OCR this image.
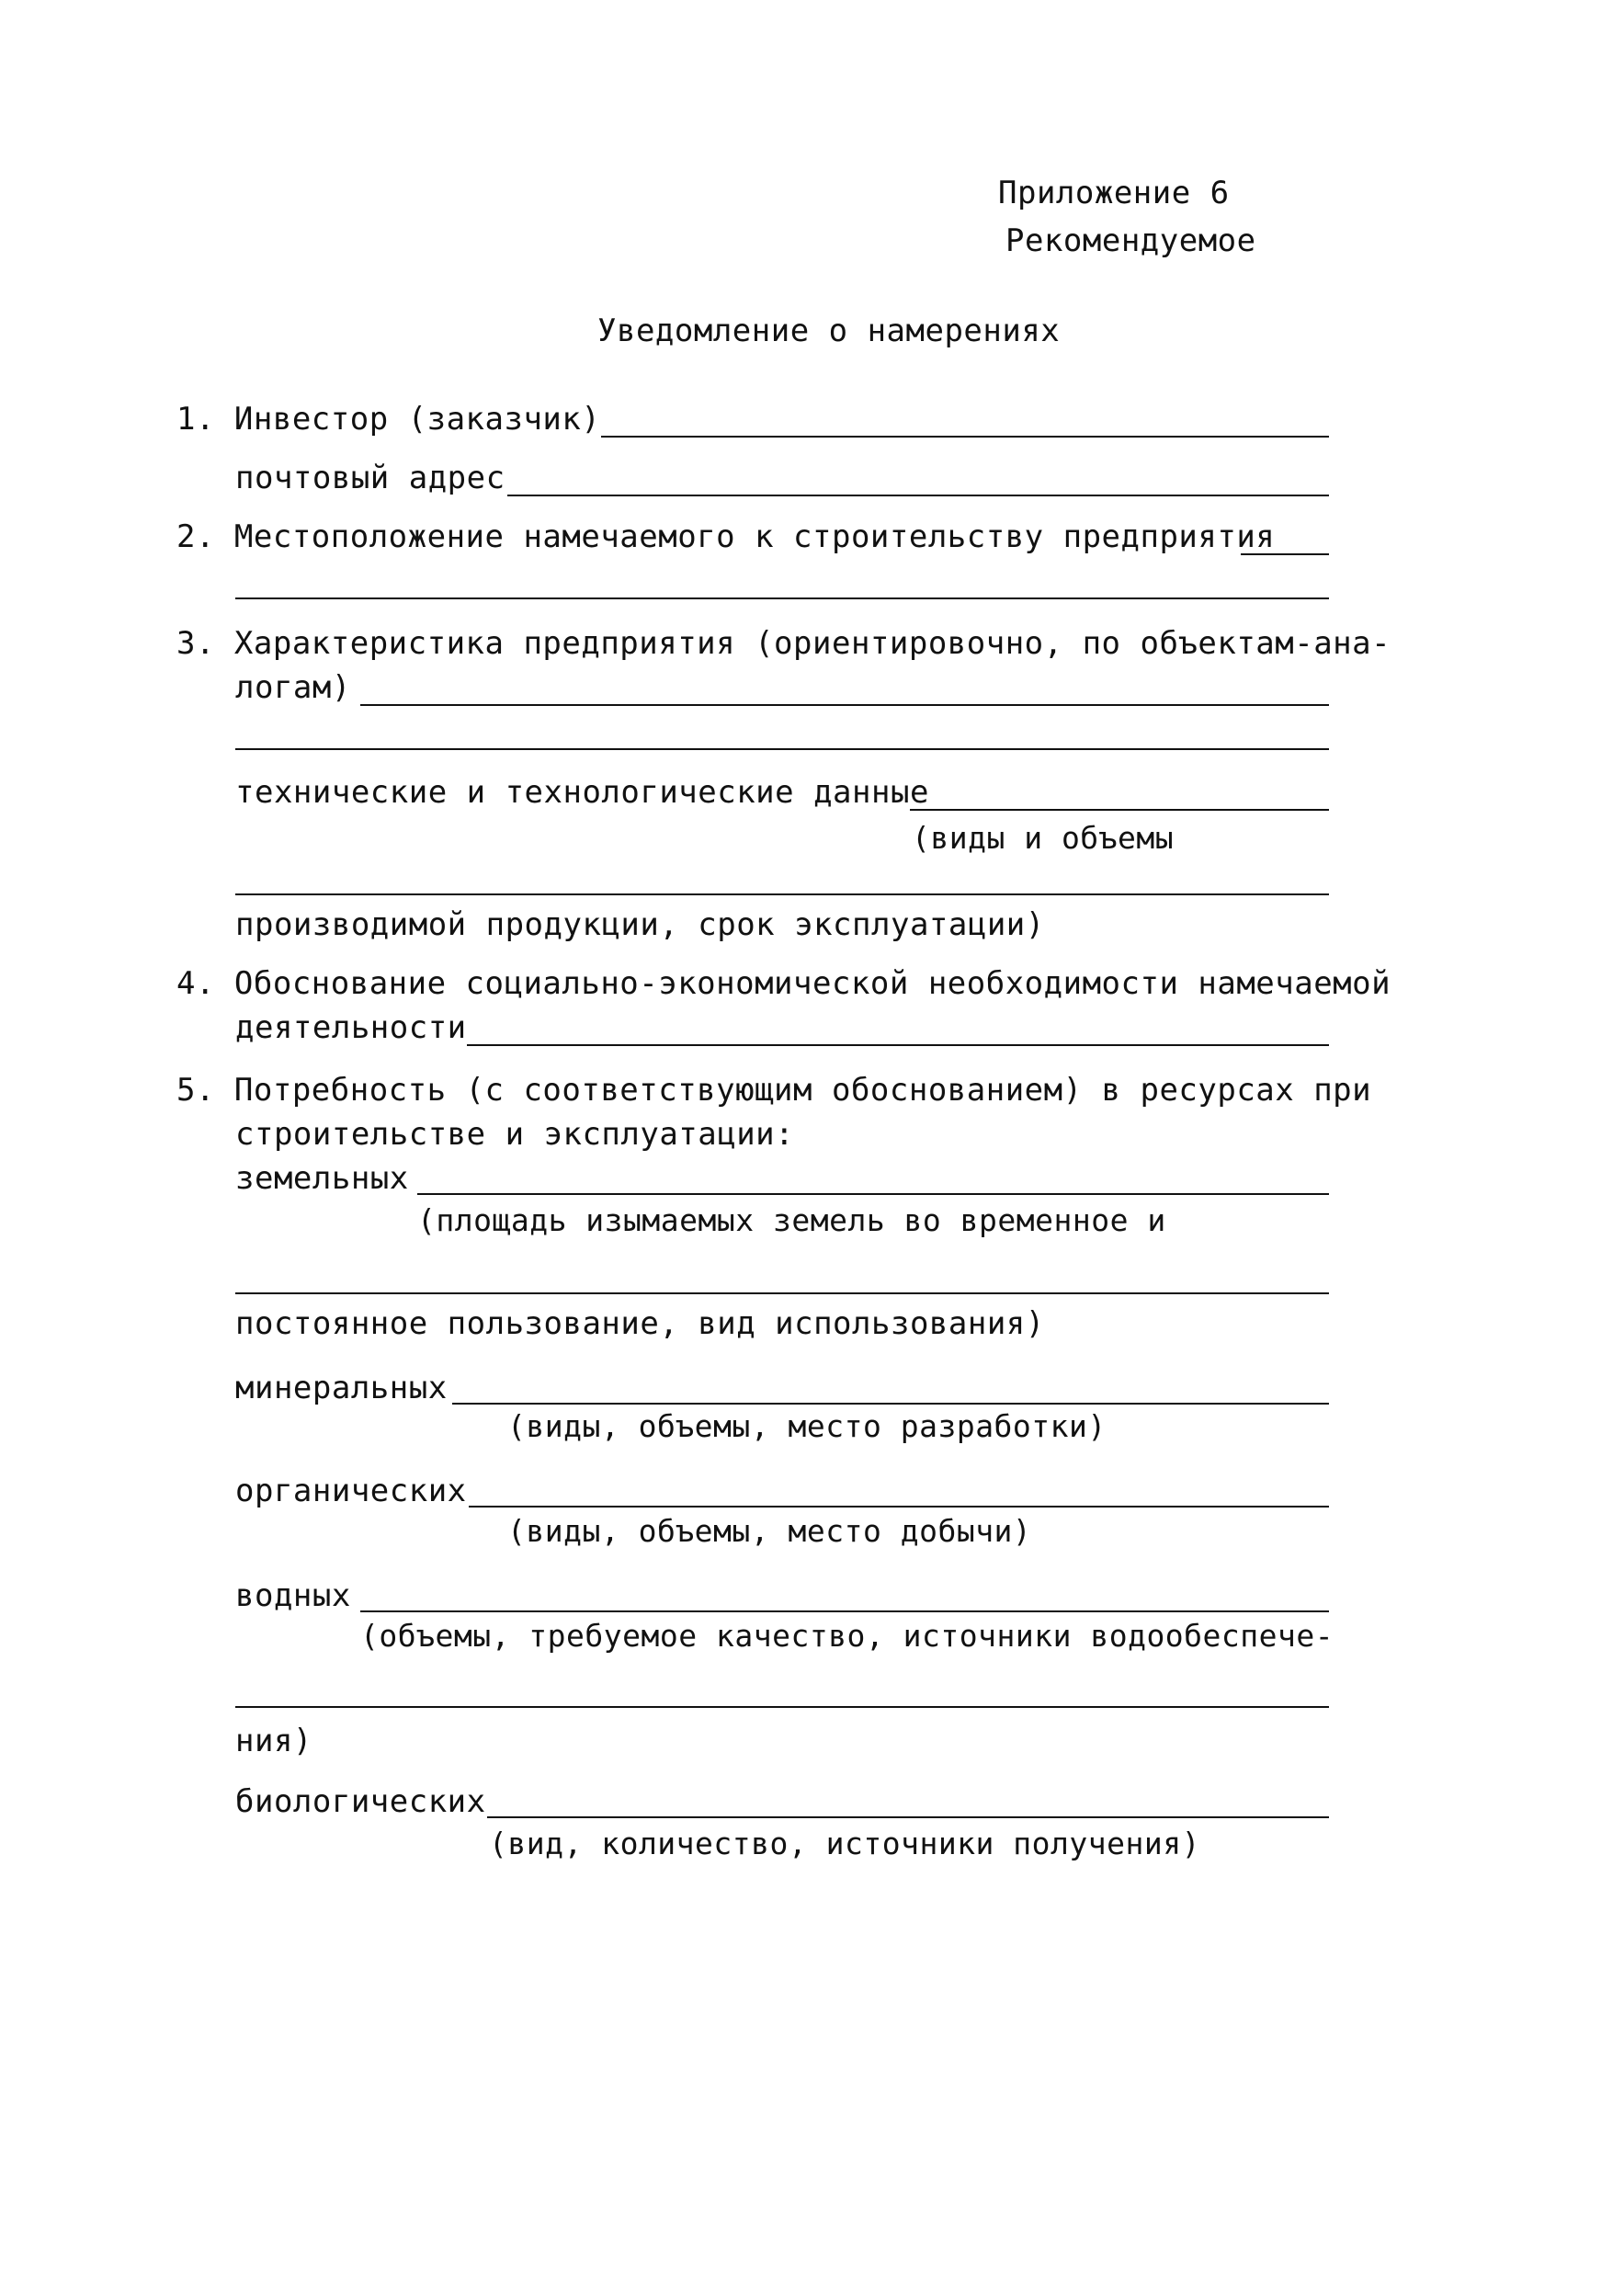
Приложение 6
Рекомендуемое
Уведомление о намерениях
1. Инвестор (заказчик)
почтовый адрес
2. Местоположение намечаемого к строительству предприятия
3. Характеристика предприятия (ориентировочно, по объектам-ана-
логам)
технические и технологические данные
(виды и объемы
производимой продукции, срок эксплуатации)
4. Обоснование социально-экономической необходимости намечаемой
деятельности
5. Потребность (с соответствующим обоснованием) в ресурсах при
строительстве и эксплуатации:
земельных
(площадь изымаемых земель во временное и
постоянное пользование, вид использования)
минеральных
(виды, объемы, место разработки)
органических
(виды, объемы, место добычи)
водных
(объемы, требуемое качество, источники водообеспече-
ния)
биологических
(вид, количество, источники получения)
